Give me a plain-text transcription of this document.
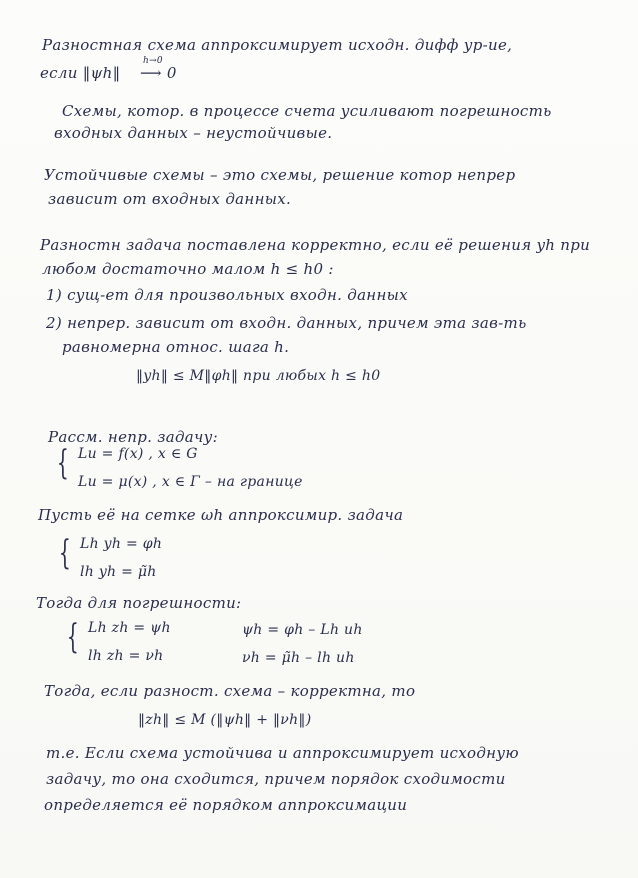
Разностная схема аппроксимирует исходн. дифф ур-ие,
если ‖ψh‖
h→0
⟶ 0
Схемы, котор. в процессе счета усиливают погрешность
входных данных – неустойчивые.
Устойчивые схемы – это схемы, решение котор непрер
зависит от входных данных.
Разностн задача поставлена корректно, если её решения yh при
любом достаточно малом h ≤ h0 :
1) сущ-ет для произвольных входн. данных
2) непрер. зависит от входн. данных, причем эта зав-ть
равномерна относ. шага h.
‖yh‖ ≤ M‖φh‖ при любых h ≤ h0
Рассм. непр. задачу:
{ Lu = f(x) , x ∈ G
Lu = μ(x) , x ∈ Γ – на границе
Пусть её на сетке ωh аппроксимир. задача
{ Lh yh = φh
lh yh = μ̃h
Тогда для погрешности:
{ Lh zh = ψh	ψh = φh – Lh uh
lh zh = νh	νh = μ̃h – lh uh
Тогда, если разност. схема – корректна, то
‖zh‖ ≤ M (‖ψh‖ + ‖νh‖)
т.е. Если схема устойчива и аппроксимирует исходную
задачу, то она сходится, причем порядок сходимости
определяется её порядком аппроксимации
